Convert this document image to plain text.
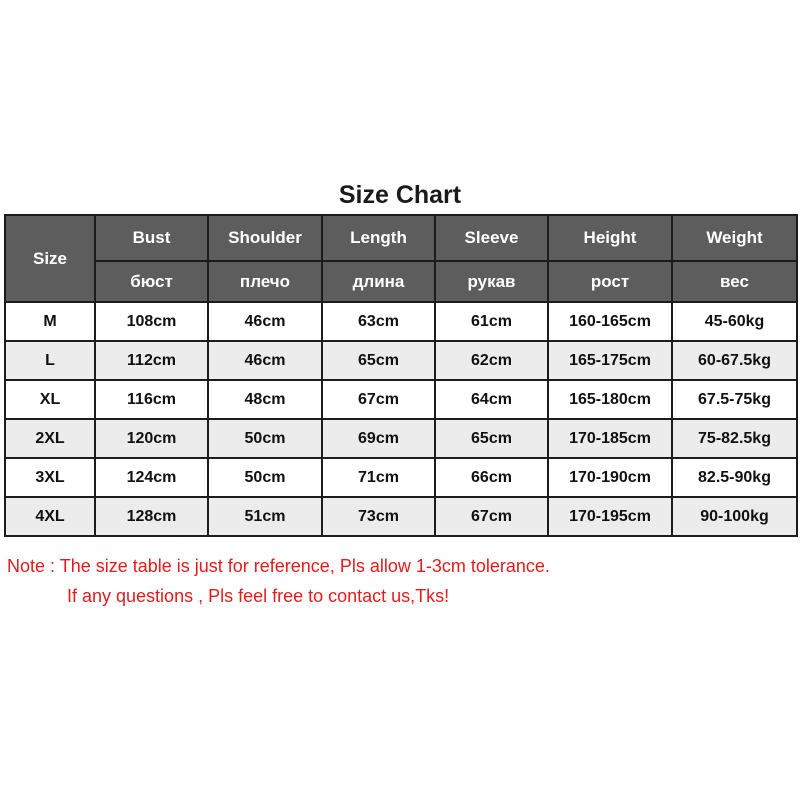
Size Chart
Size	Bust	Shoulder	Length	Sleeve	Height	Weight
	бюст	плечо	длина	рукав	рост	вес
M	108cm	46cm	63cm	61cm	160-165cm	45-60kg
L	112cm	46cm	65cm	62cm	165-175cm	60-67.5kg
XL	116cm	48cm	67cm	64cm	165-180cm	67.5-75kg
2XL	120cm	50cm	69cm	65cm	170-185cm	75-82.5kg
3XL	124cm	50cm	71cm	66cm	170-190cm	82.5-90kg
4XL	128cm	51cm	73cm	67cm	170-195cm	90-100kg
Note : The size table is just for reference, Pls allow 1-3cm tolerance.
If any questions , Pls feel free to contact us,Tks!
